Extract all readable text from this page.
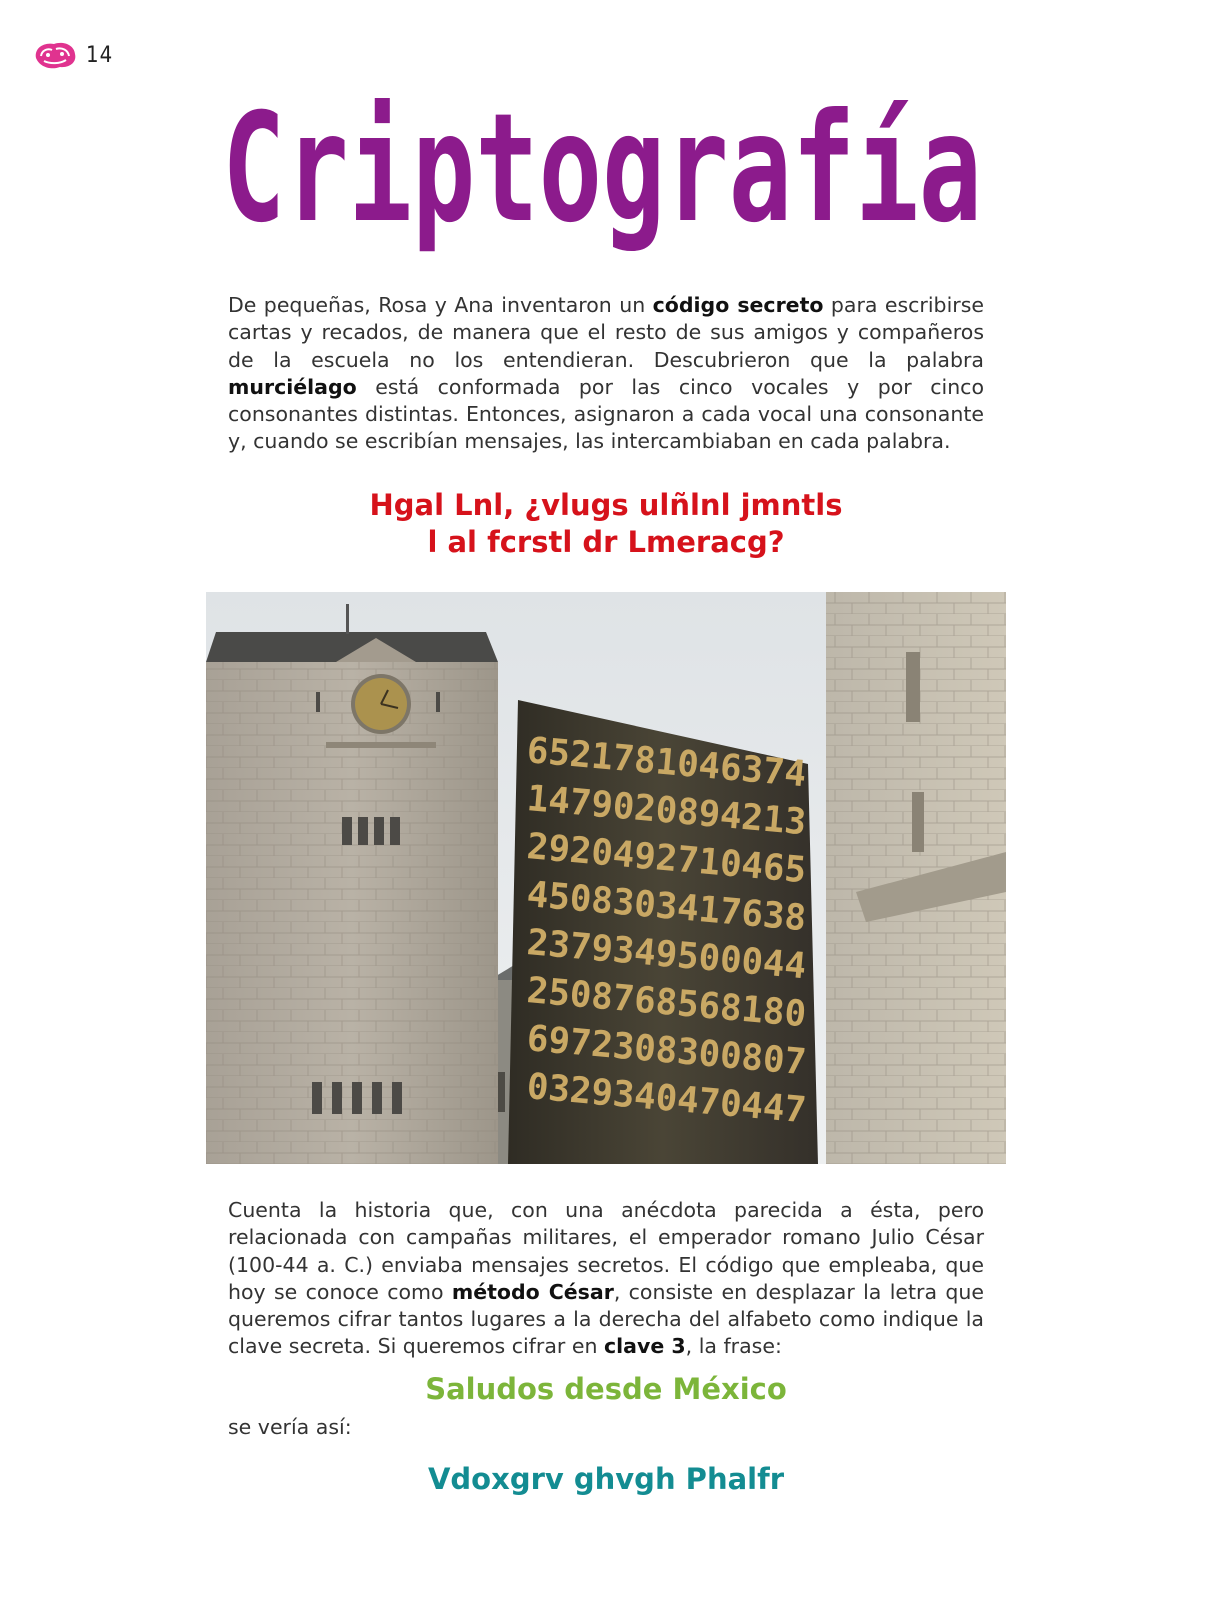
14
Criptografía

De pequeñas, Rosa y Ana inventaron un código secreto para escribirse cartas y recados, de manera que el resto de sus amigos y compañeros de la escuela no los entendieran. Descubrieron que la palabra murciélago está conformada por las cinco vocales y por cinco consonantes distintas. Entonces, asignaron a cada vocal una consonante y, cuando se escribían mensajes, las intercambiaban en cada palabra.

Hgal Lnl, ¿vlugs ulñlnl jmntls
l al fcrstl dr Lmeracg?
6521781046374
1479020894213
2920492710465
4508303417638
2379349500044
2508768568180
6972308300807
0329340470447

Cuenta la historia que, con una anécdota parecida a ésta, pero relacionada con campañas militares, el emperador romano Julio César (100-44 a. C.) enviaba mensajes secretos. El código que empleaba, que hoy se conoce como método César, consiste en desplazar la letra que queremos cifrar tantos lugares a la derecha del alfabeto como indique la clave secreta. Si queremos cifrar en clave 3, la frase:

Saludos desde México
se vería así:
Vdoxgrv ghvgh Phalfr
